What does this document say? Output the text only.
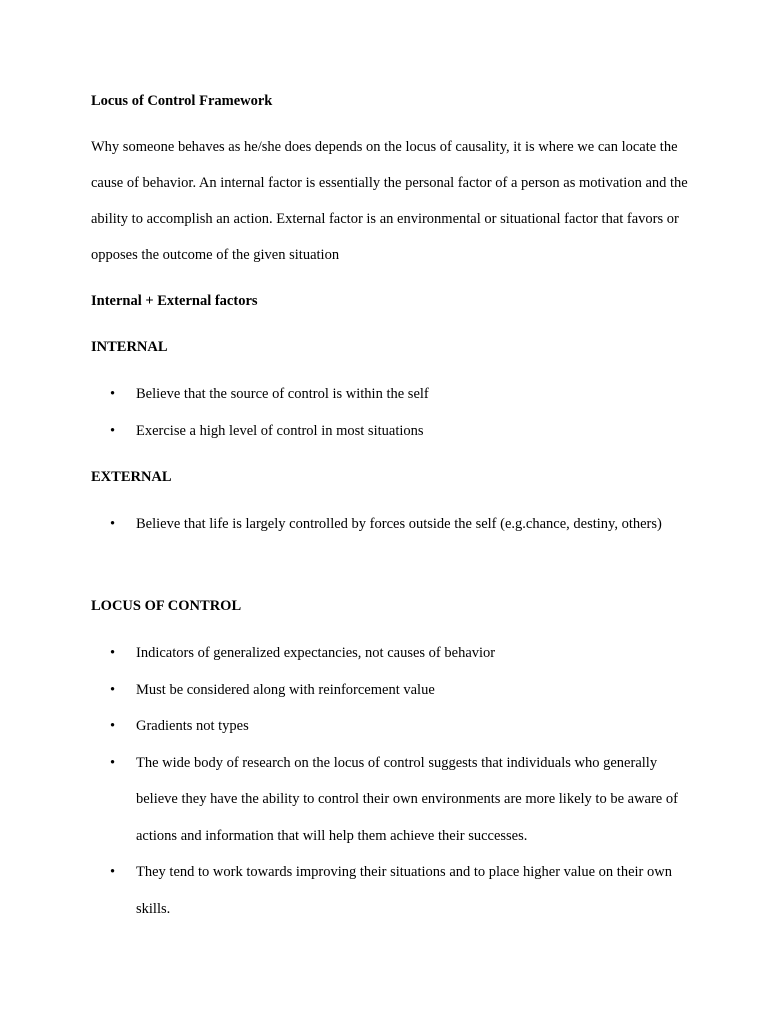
Locus of Control Framework

Why someone behaves as he/she does depends on the locus of causality, it is where we can locate the cause of behavior. An internal factor is essentially the personal factor of a person as motivation and the ability to accomplish an action. External factor is an environmental or situational factor that favors or opposes the outcome of the given situation

Internal + External factors

INTERNAL

• Believe that the source of control is within the self
• Exercise a high level of control in most situations

EXTERNAL

• Believe that life is largely controlled by forces outside the self (e.g.chance, destiny, others)

LOCUS OF CONTROL

• Indicators of generalized expectancies, not causes of behavior
• Must be considered along with reinforcement value
• Gradients not types
• The wide body of research on the locus of control suggests that individuals who generally believe they have the ability to control their own environments are more likely to be aware of actions and information that will help them achieve their successes.
• They tend to work towards improving their situations and to place higher value on their own skills.
